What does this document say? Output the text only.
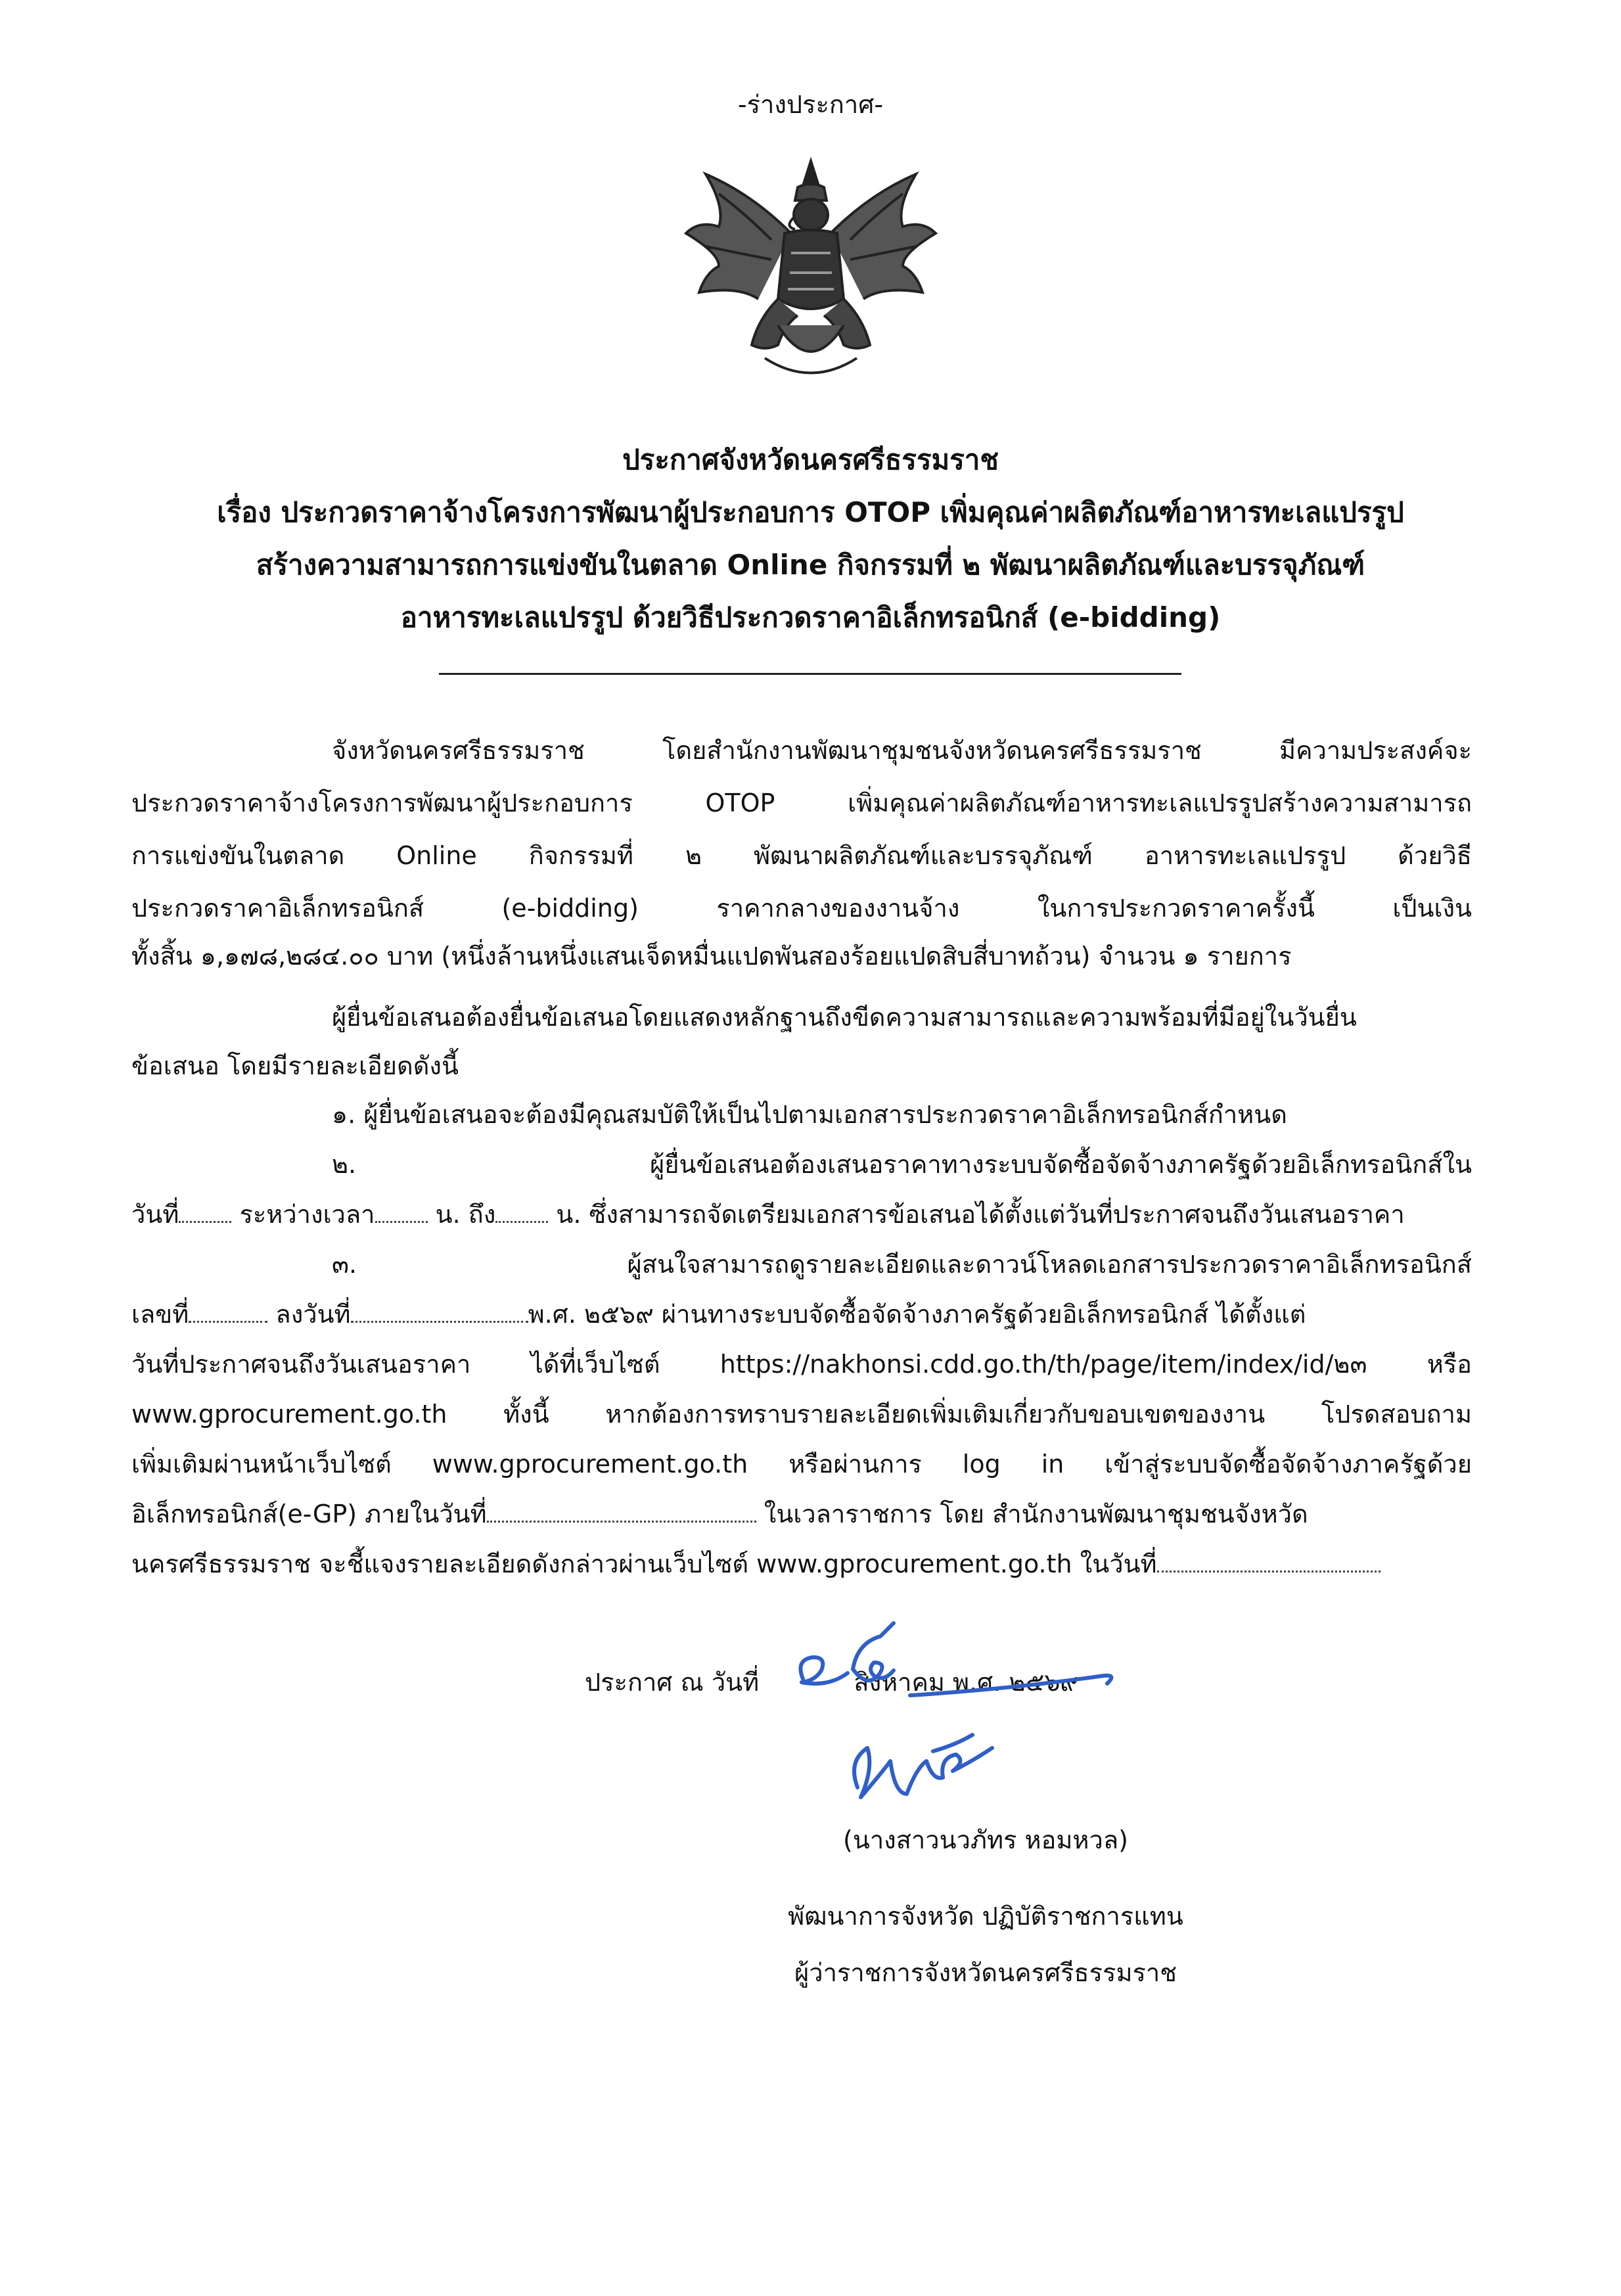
-ร่างประกาศ-
ประกาศจังหวัดนครศรีธรรมราช
เรื่อง ประกวดราคาจ้างโครงการพัฒนาผู้ประกอบการ OTOP เพิ่มคุณค่าผลิตภัณฑ์อาหารทะเลแปรรูป
สร้างความสามารถการแข่งขันในตลาด Online กิจกรรมที่ ๒ พัฒนาผลิตภัณฑ์และบรรจุภัณฑ์
อาหารทะเลแปรรูป ด้วยวิธีประกวดราคาอิเล็กทรอนิกส์ (e-bidding)
จังหวัดนครศรีธรรมราช โดยสำนักงานพัฒนาชุมชนจังหวัดนครศรีธรรมราช มีความประสงค์จะ
ประกวดราคาจ้างโครงการพัฒนาผู้ประกอบการ OTOP เพิ่มคุณค่าผลิตภัณฑ์อาหารทะเลแปรรูปสร้างความสามารถ
การแข่งขันในตลาด Online กิจกรรมที่ ๒ พัฒนาผลิตภัณฑ์และบรรจุภัณฑ์ อาหารทะเลแปรรูป ด้วยวิธี
ประกวดราคาอิเล็กทรอนิกส์ (e-bidding) ราคากลางของงานจ้าง ในการประกวดราคาครั้งนี้ เป็นเงิน
ทั้งสิ้น ๑,๑๗๘,๒๘๔.๐๐ บาท (หนึ่งล้านหนึ่งแสนเจ็ดหมื่นแปดพันสองร้อยแปดสิบสี่บาทถ้วน) จำนวน ๑ รายการ
ผู้ยื่นข้อเสนอต้องยื่นข้อเสนอโดยแสดงหลักฐานถึงขีดความสามารถและความพร้อมที่มีอยู่ในวันยื่น
ข้อเสนอ โดยมีรายละเอียดดังนี้
๑. ผู้ยื่นข้อเสนอจะต้องมีคุณสมบัติให้เป็นไปตามเอกสารประกวดราคาอิเล็กทรอนิกส์กำหนด
๒. ผู้ยื่นข้อเสนอต้องเสนอราคาทางระบบจัดซื้อจัดจ้างภาครัฐด้วยอิเล็กทรอนิกส์ใน
วันที่ ระหว่างเวลา น. ถึง น. ซึ่งสามารถจัดเตรียมเอกสารข้อเสนอได้ตั้งแต่วันที่ประกาศจนถึงวันเสนอราคา
๓. ผู้สนใจสามารถดูรายละเอียดและดาวน์โหลดเอกสารประกวดราคาอิเล็กทรอนิกส์
เลขที่	ลงวันที่	พ.ศ. ๒๕๖๙ ผ่านทางระบบจัดซื้อจัดจ้างภาครัฐด้วยอิเล็กทรอนิกส์ ได้ตั้งแต่
วันที่ประกาศจนถึงวันเสนอราคา ได้ที่เว็บไซต์ https://nakhonsi.cdd.go.th/th/page/item/index/id/๒๓ หรือ
www.gprocurement.go.th ทั้งนี้ หากต้องการทราบรายละเอียดเพิ่มเติมเกี่ยวกับขอบเขตของงาน โปรดสอบถาม
เพิ่มเติมผ่านหน้าเว็บไซต์ www.gprocurement.go.th หรือผ่านการ log in เข้าสู่ระบบจัดซื้อจัดจ้างภาครัฐด้วย
อิเล็กทรอนิกส์(e-GP) ภายในวันที่	ในเวลาราชการ โดย สำนักงานพัฒนาชุมชนจังหวัด
นครศรีธรรมราช จะชี้แจงรายละเอียดดังกล่าวผ่านเว็บไซต์ www.gprocurement.go.th ในวันที่
ประกาศ ณ วันที่	สิงหาคม พ.ศ. ๒๕๖๙
(นางสาวนวภัทร หอมหวล)
พัฒนาการจังหวัด ปฏิบัติราชการแทน
ผู้ว่าราชการจังหวัดนครศรีธรรมราช
